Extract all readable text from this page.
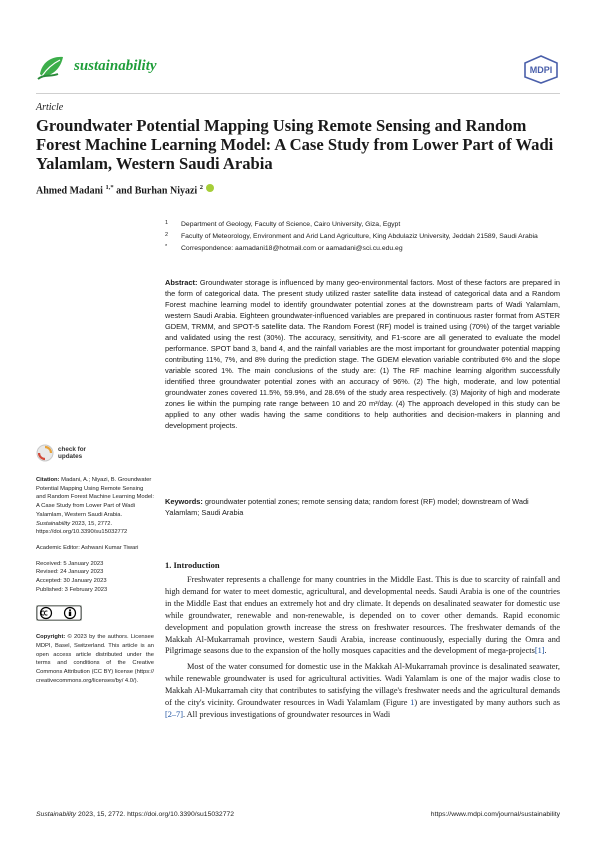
sustainability	MDPI
Article
Groundwater Potential Mapping Using Remote Sensing and Random Forest Machine Learning Model: A Case Study from Lower Part of Wadi Yalamlam, Western Saudi Arabia
Ahmed Madani $^{1,*}$ and Burhan Niyazi $^2$
1 Department of Geology, Faculty of Science, Cairo University, Giza, Egypt
2 Faculty of Meteorology, Environment and Arid Land Agriculture, King Abdulaziz University, Jeddah 21589, Saudi Arabia
* Correspondence: aamadani18@hotmail.com or aamadani@sci.cu.edu.eg
Abstract: Groundwater storage is influenced by many geo-environmental factors. Most of these factors are prepared in the form of categorical data. The present study utilized raster satellite data instead of categorical data and a Random Forest machine learning model to identify groundwater potential zones at the downstream parts of Wadi Yalamlam, western Saudi Arabia. Eighteen groundwater-influenced variables are prepared in continuous raster format from ASTER GDEM, TRMM, and SPOT-5 satellite data. The Random Forest (RF) model is trained using (70%) of the target variable and validated using the rest (30%). The accuracy, sensitivity, and F1-score are all generated to evaluate the model performance. SPOT band 3, band 4, and the rainfall variables are the most important for groundwater potential mapping contributing 11%, 7%, and 8% during the prediction stage. The GDEM elevation variable contributed 6% and the slope variable scored 1%. The main conclusions of the study are: (1) The RF machine learning algorithm successfully identified three groundwater potential zones with an accuracy of 96%. (2) The high, moderate, and low potential groundwater zones covered 11.5%, 59.9%, and 28.6% of the study area respectively. (3) Majority of high and moderate zones lie within the pumping rate range between 10 and 20 m³/day. (4) The approach developed in this study can be applied to any other wadis having the same conditions to help authorities and decision-makers in planning and development projects.
Keywords: groundwater potential zones; remote sensing data; random forest (RF) model; downstream of Wadi Yalamlam; Saudi Arabia
check for
updates
Citation: Madani, A.; Niyazi, B. Groundwater Potential Mapping Using Remote Sensing and Random Forest Machine Learning Model: A Case Study from Lower Part of Wadi Yalamlam, Western Saudi Arabia. Sustainability 2023, 15, 2772. https://doi.org/10.3390/su15032772
Academic Editor: Ashwani Kumar Tiwari
Received: 5 January 2023
Revised: 24 January 2023
Accepted: 30 January 2023
Published: 3 February 2023
Copyright: © 2023 by the authors. Licensee MDPI, Basel, Switzerland. This article is an open access article distributed under the terms and conditions of the Creative Commons Attribution (CC BY) license (https:// creativecommons.org/licenses/by/ 4.0/).
1. Introduction

Freshwater represents a challenge for many countries in the Middle East. This is due to scarcity of rainfall and high demand for water to meet domestic, agricultural, and developmental needs. Saudi Arabia is one of the countries in the Middle East that endues an extremely hot and dry climate. It depends on desalinated seawater for domestic use while groundwater, renewable and non-renewable, is depended on to cover other demands. Rapid economic development and population growth increase the stress on freshwater resources. The freshwater demands of the Makkah Al-Mukarramah province, western Saudi Arabia, increase continuously, especially during the Omra and Pilgrimage seasons due to the expansion of the holly mosques capacities and the development of mega-projects[1].

Most of the water consumed for domestic use in the Makkah Al-Mukarramah province is desalinated seawater, while renewable groundwater is used for agricultural activities. Wadi Yalamlam is one of the major wadis close to Makkah Al-Mukarramah city that contributes to satisfying the village's freshwater needs and the agricultural demands of the city's vicinity. Groundwater resources in Wadi Yalamlam (Figure 1) are investigated by many authors such as [2–7]. All previous investigations of groundwater resources in Wadi

Sustainability 2023, 15, 2772. https://doi.org/10.3390/su15032772	https://www.mdpi.com/journal/sustainability
